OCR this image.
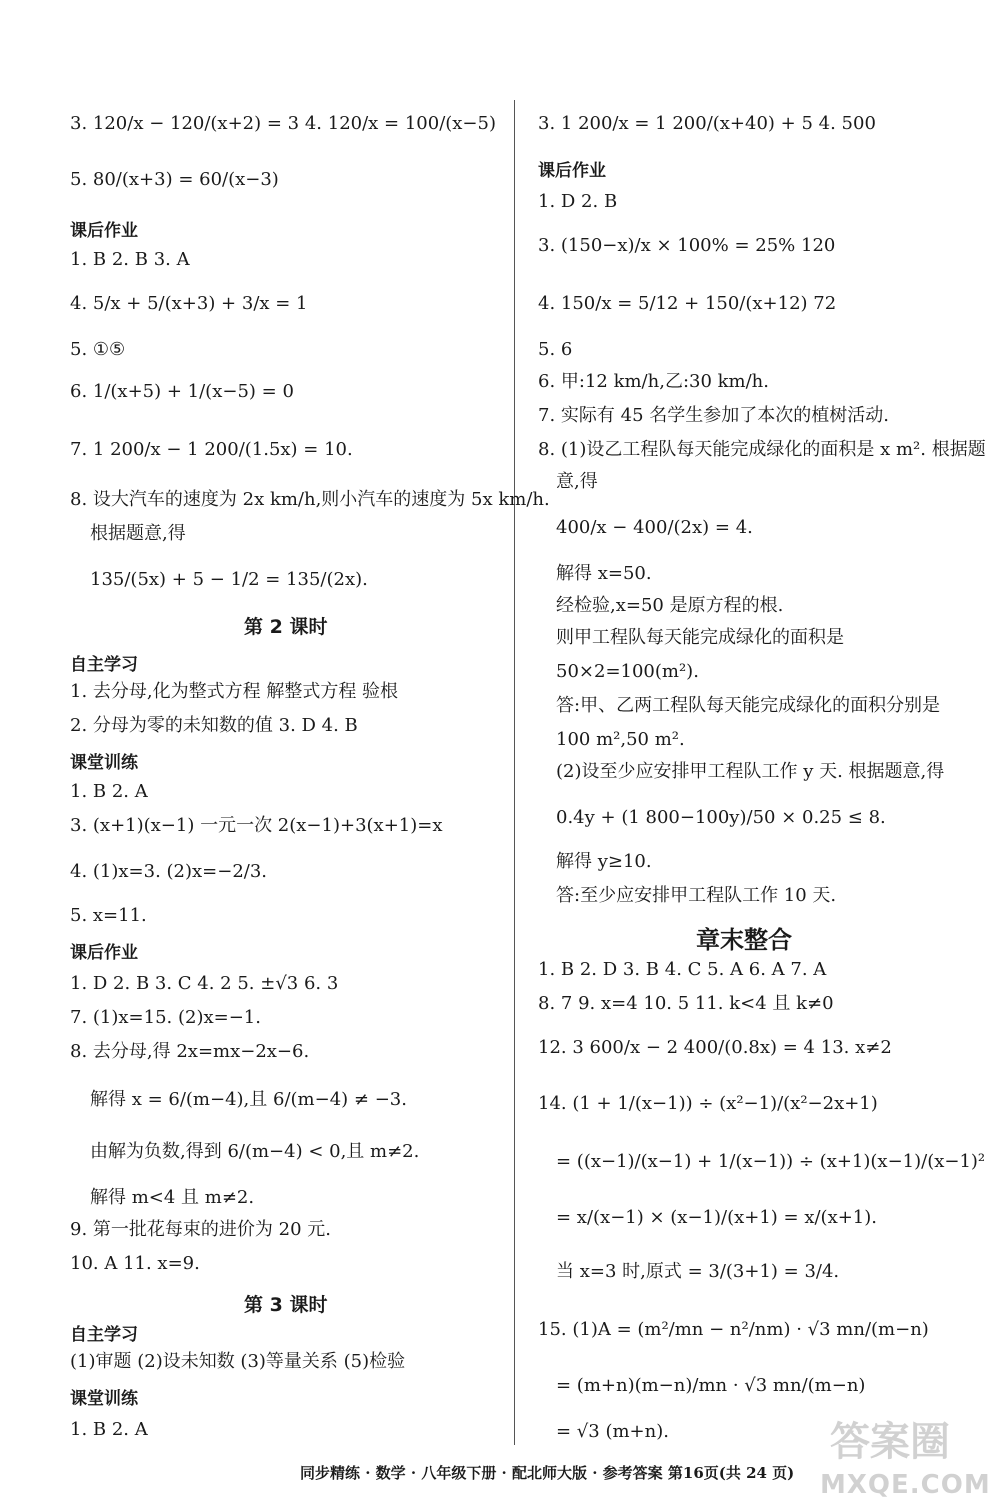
3. 120/x − 120/(x+2) = 3 4. 120/x = 100/(x−5)
5. 80/(x+3) = 60/(x−3)
课后作业
1. B 2. B 3. A
4. 5/x + 5/(x+3) + 3/x = 1
5. ①⑤
6. 1/(x+5) + 1/(x−5) = 0
7. 1 200/x − 1 200/(1.5x) = 10.
8. 设大汽车的速度为 2x km/h,则小汽车的速度为 5x km/h.
根据题意,得
135/(5x) + 5 − 1/2 = 135/(2x).
第 2 课时
自主学习
1. 去分母,化为整式方程 解整式方程 验根
2. 分母为零的未知数的值 3. D 4. B
课堂训练
1. B 2. A
3. (x+1)(x−1) 一元一次 2(x−1)+3(x+1)=x
4. (1)x=3. (2)x=−2/3.
5. x=11.
课后作业
1. D 2. B 3. C 4. 2 5. ±√3 6. 3
7. (1)x=15. (2)x=−1.
8. 去分母,得 2x=mx−2x−6.
解得 x = 6/(m−4),且 6/(m−4) ≠ −3.
由解为负数,得到 6/(m−4) < 0,且 m≠2.
解得 m<4 且 m≠2.
9. 第一批花每束的进价为 20 元.
10. A 11. x=9.
第 3 课时
自主学习
(1)审题 (2)设未知数 (3)等量关系 (5)检验
课堂训练
1. B 2. A
3. 1 200/x = 1 200/(x+40) + 5 4. 500
课后作业
1. D 2. B
3. (150−x)/x × 100% = 25% 120
4. 150/x = 5/12 + 150/(x+12) 72
5. 6
6. 甲:12 km/h,乙:30 km/h.
7. 实际有 45 名学生参加了本次的植树活动.
8. (1)设乙工程队每天能完成绿化的面积是 x m². 根据题
意,得
400/x − 400/(2x) = 4.
解得 x=50.
经检验,x=50 是原方程的根.
则甲工程队每天能完成绿化的面积是
50×2=100(m²).
答:甲、乙两工程队每天能完成绿化的面积分别是
100 m²,50 m².
(2)设至少应安排甲工程队工作 y 天. 根据题意,得
0.4y + (1 800−100y)/50 × 0.25 ≤ 8.
解得 y≥10.
答:至少应安排甲工程队工作 10 天.
章末整合
1. B 2. D 3. B 4. C 5. A 6. A 7. A
8. 7 9. x=4 10. 5 11. k<4 且 k≠0
12. 3 600/x − 2 400/(0.8x) = 4 13. x≠2
14. (1 + 1/(x−1)) ÷ (x²−1)/(x²−2x+1)
= ((x−1)/(x−1) + 1/(x−1)) ÷ (x+1)(x−1)/(x−1)²
= x/(x−1) × (x−1)/(x+1) = x/(x+1).
当 x=3 时,原式 = 3/(3+1) = 3/4.
15. (1)A = (m²/mn − n²/nm) · √3 mn/(m−n)
= (m+n)(m−n)/mn · √3 mn/(m−n)
= √3 (m+n).
同步精练 · 数学 · 八年级下册 · 配北师大版 · 参考答案 第16页(共 24 页)
答案圈
MXQE.COM
